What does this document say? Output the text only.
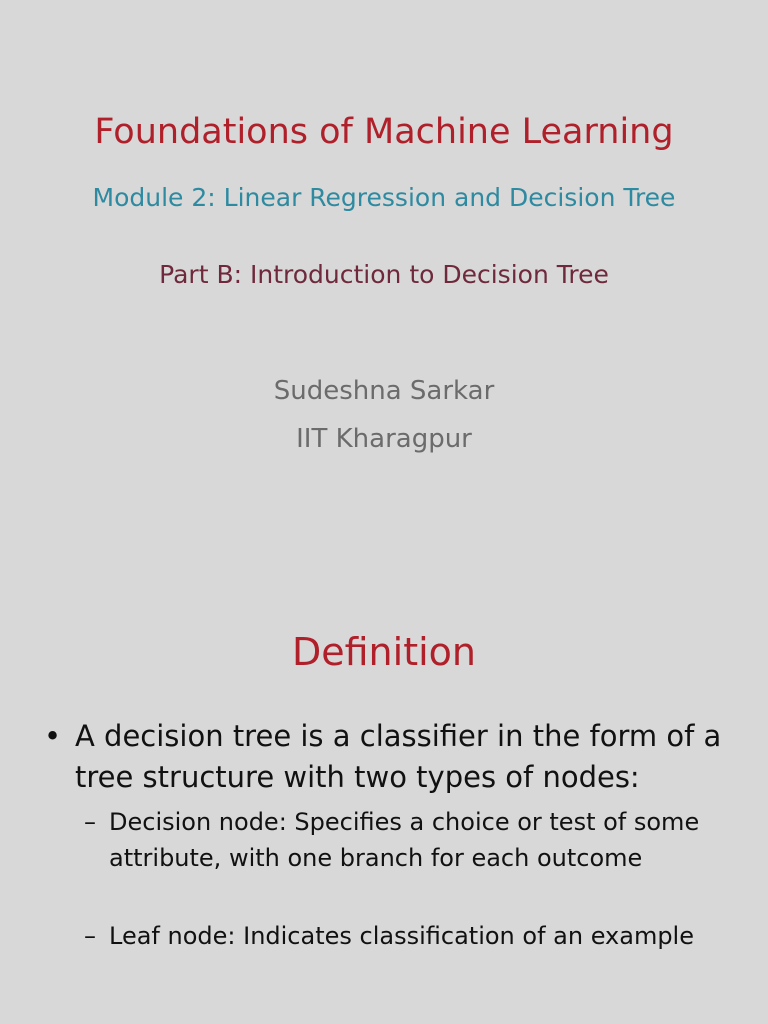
Foundations of Machine Learning
Module 2: Linear Regression and Decision Tree
Part B: Introduction to Decision Tree
Sudeshna Sarkar
IIT Kharagpur
Definition
• A decision tree is a classifier in the form of a tree structure with two types of nodes:
– Decision node: Specifies a choice or test of some attribute, with one branch for each outcome
– Leaf node: Indicates classification of an example
